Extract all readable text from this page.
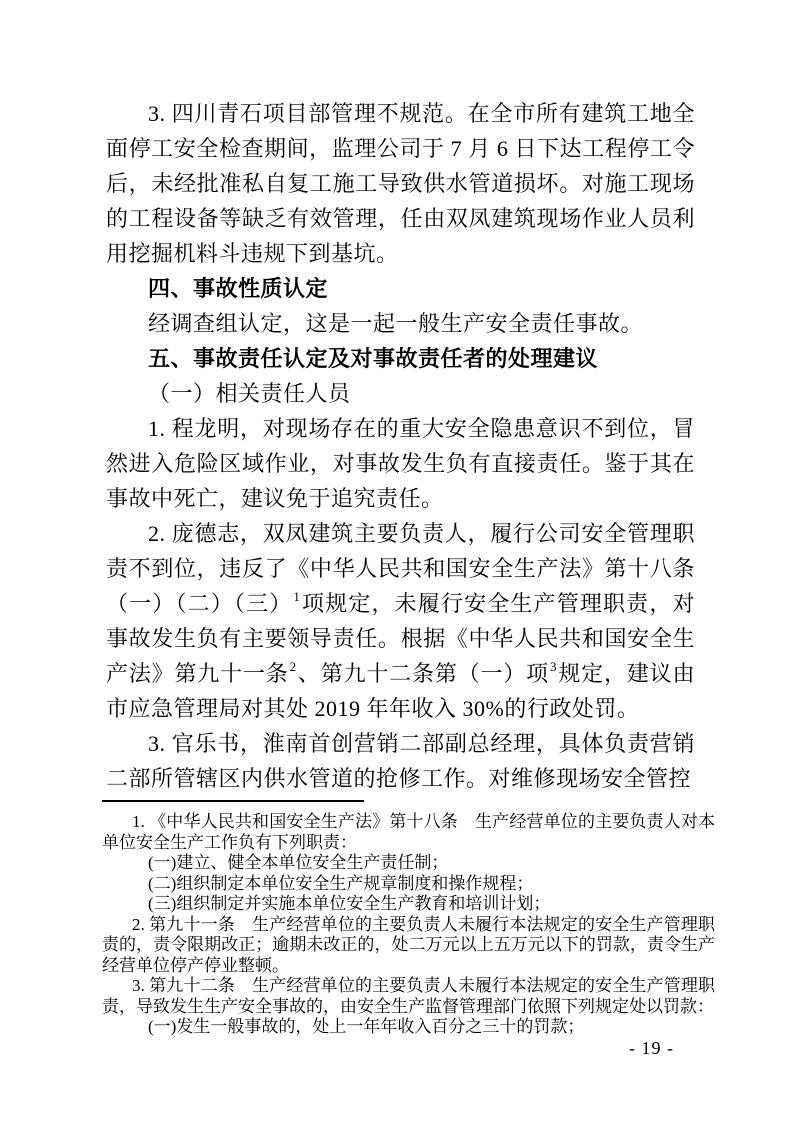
3. 四川青石项目部管理不规范。在全市所有建筑工地全面停工安全检查期间，监理公司于 7 月 6 日下达工程停工令后，未经批准私自复工施工导致供水管道损坏。对施工现场的工程设备等缺乏有效管理，任由双凤建筑现场作业人员利用挖掘机料斗违规下到基坑。

四、事故性质认定

经调查组认定，这是一起一般生产安全责任事故。

五、事故责任认定及对事故责任者的处理建议

（一）相关责任人员

1. 程龙明，对现场存在的重大安全隐患意识不到位，冒然进入危险区域作业，对事故发生负有直接责任。鉴于其在事故中死亡，建议免于追究责任。

2. 庞德志，双凤建筑主要负责人，履行公司安全管理职责不到位，违反了《中华人民共和国安全生产法》第十八条（一）（二）（三）$^1$项规定，未履行安全生产管理职责，对事故发生负有主要领导责任。根据《中华人民共和国安全生产法》第九十一条$^2$、第九十二条第（一）项$^3$规定，建议由市应急管理局对其处 2019 年年收入 30%的行政处罚。

3. 官乐书，淮南首创营销二部副总经理，具体负责营销二部所管辖区内供水管道的抢修工作。对维修现场安全管控

1. 《中华人民共和国安全生产法》第十八条　生产经营单位的主要负责人对本单位安全生产工作负有下列职责：

(一)建立、健全本单位安全生产责任制；

(二)组织制定本单位安全生产规章制度和操作规程；

(三)组织制定并实施本单位安全生产教育和培训计划；

2. 第九十一条　生产经营单位的主要负责人未履行本法规定的安全生产管理职责的，责令限期改正；逾期未改正的，处二万元以上五万元以下的罚款，责令生产经营单位停产停业整顿。

3. 第九十二条　生产经营单位的主要负责人未履行本法规定的安全生产管理职责，导致发生生产安全事故的，由安全生产监督管理部门依照下列规定处以罚款：

(一)发生一般事故的，处上一年年收入百分之三十的罚款；

- 19 -
